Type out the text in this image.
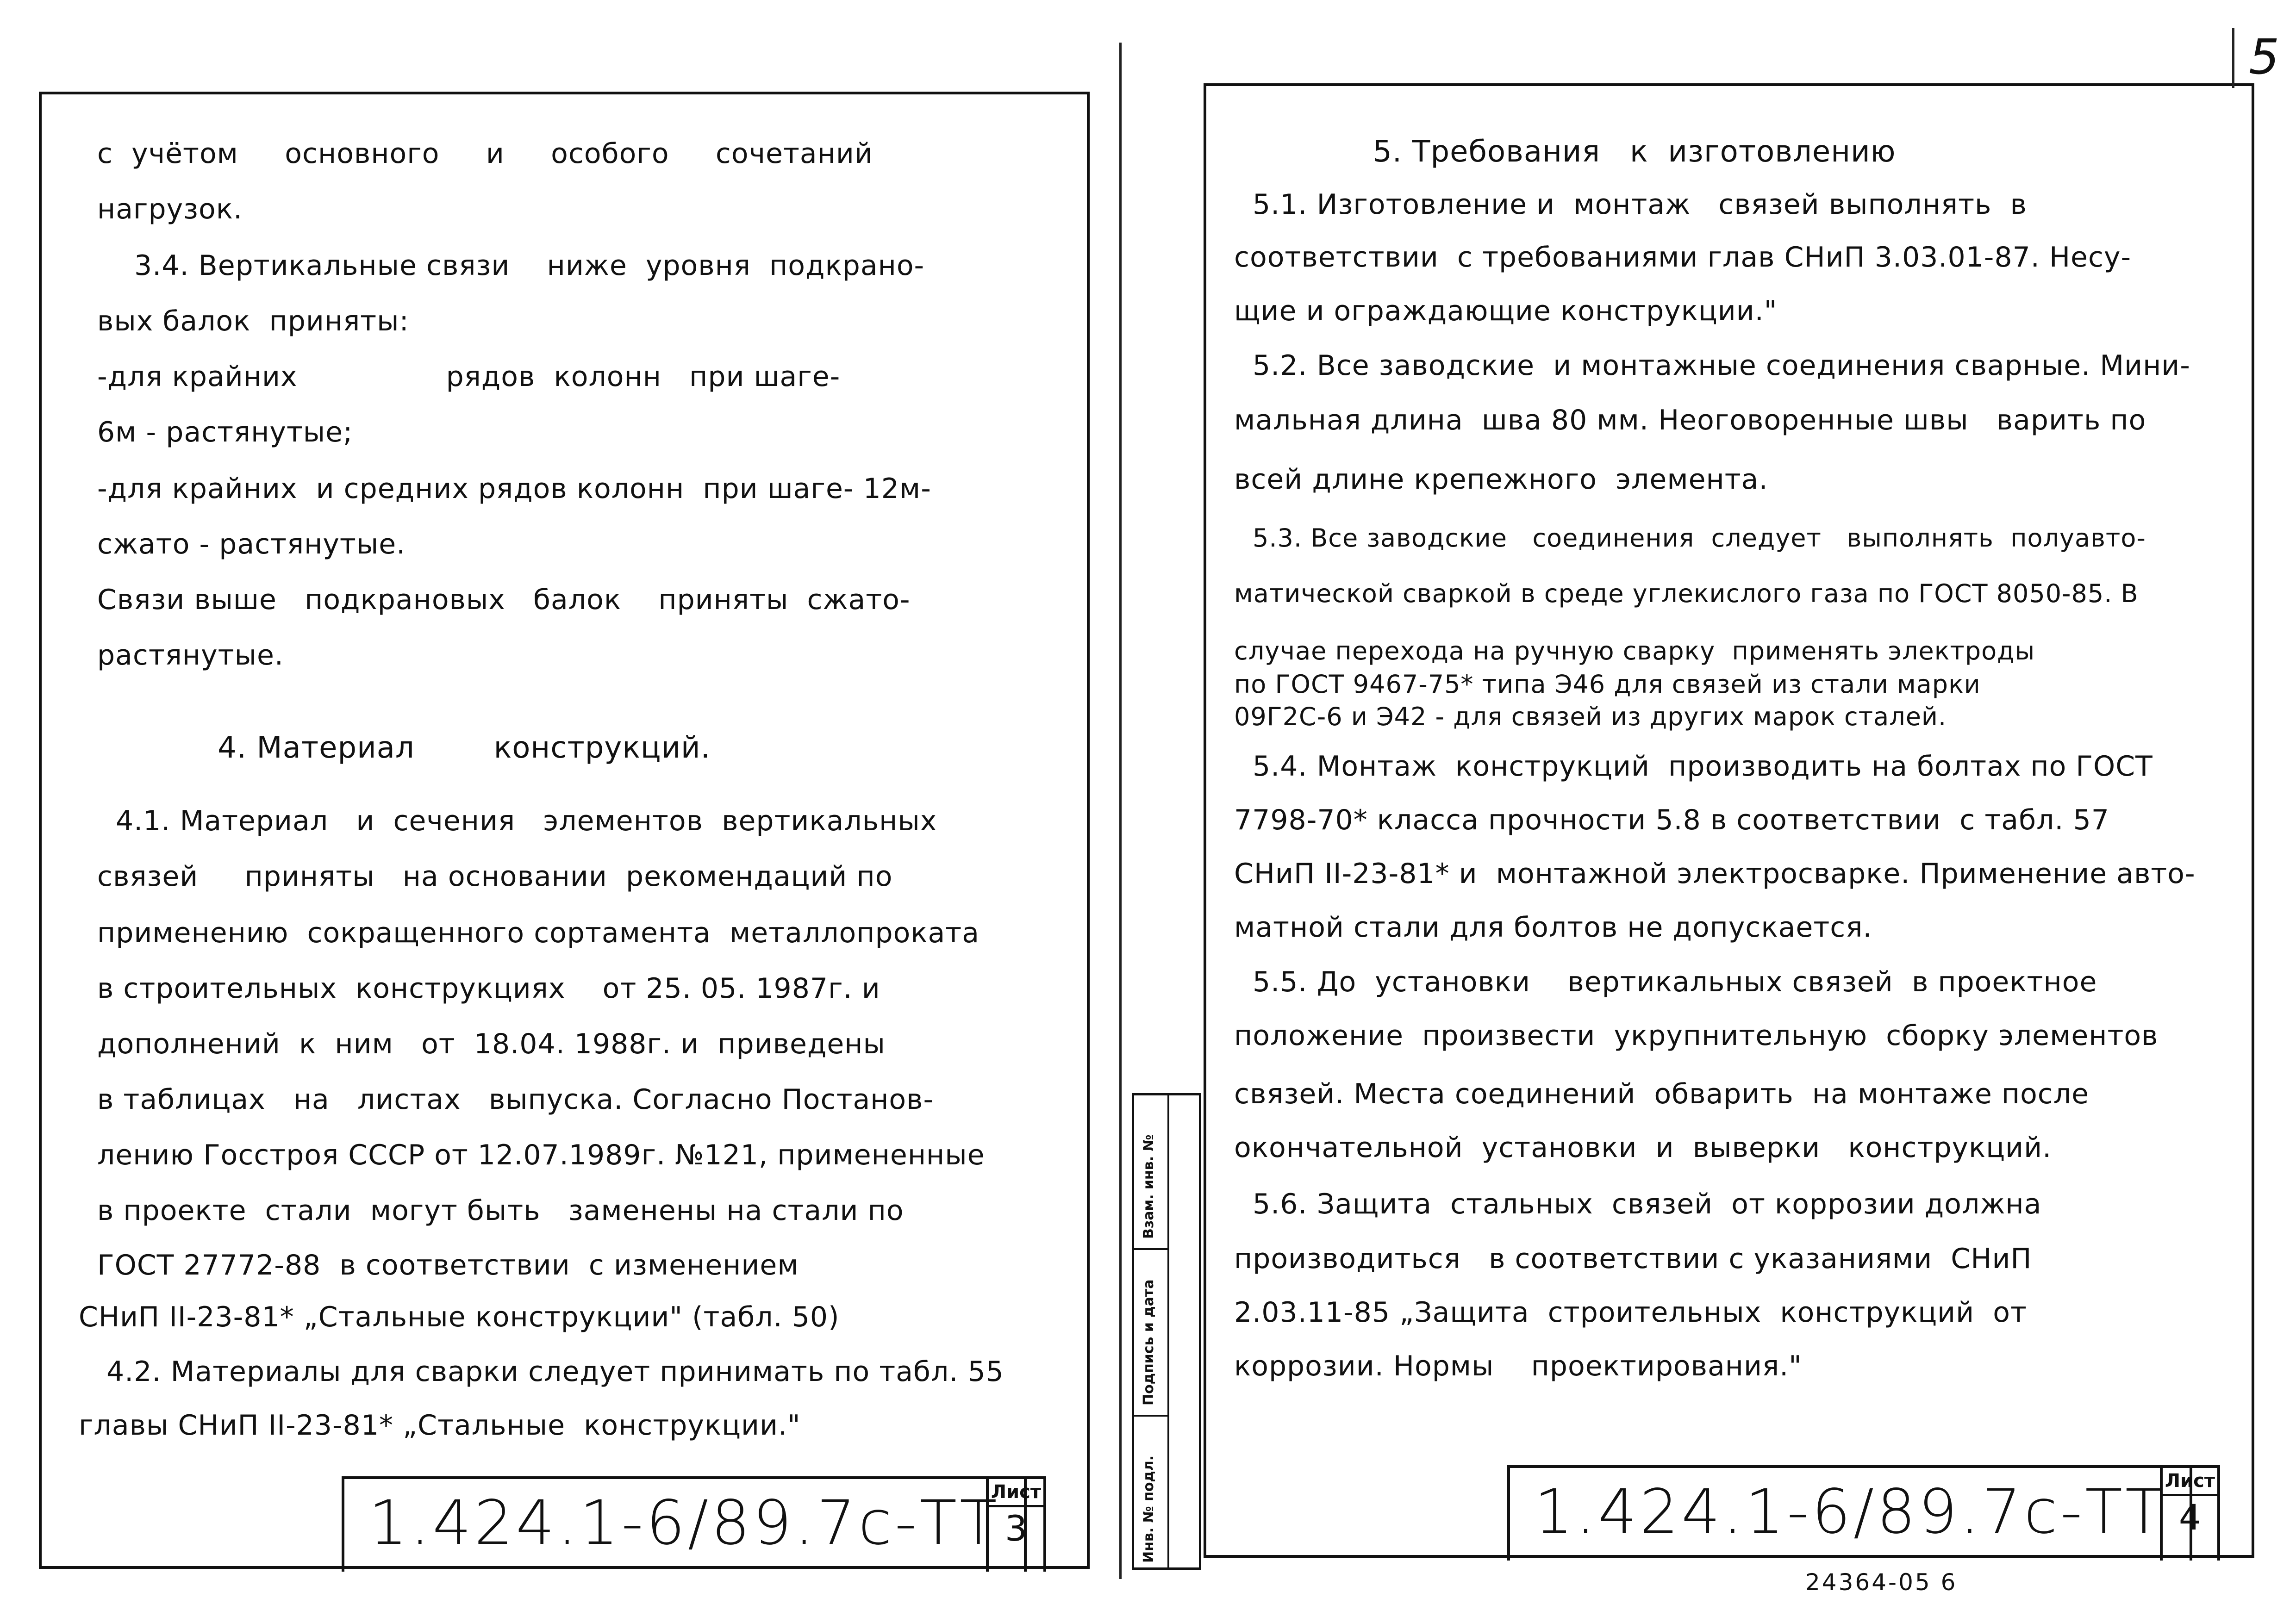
с  учётом     основного     и     особого     сочетаний
нагрузок.
3.4. Вертикальные связи    ниже  уровня  подкрано-
вых балок  приняты:
-для крайних                рядов  колонн   при шаге-
6м - растянутые;
-для крайних  и средних рядов колонн  при шаге- 12м-
сжато - растянутые.
Связи выше   подкрановых   балок    приняты  сжато-
растянутые.
4. Материал        конструкций.
4.1. Материал   и  сечения   элементов  вертикальных
связей     приняты   на основании  рекомендаций по
применению  сокращенного сортамента  металлопроката
в строительных  конструкциях    от 25. 05. 1987г. и
дополнений  к  ним   от  18.04. 1988г. и  приведены
в таблицах   на   листах   выпуска. Согласно Постанов-
лению Госстроя СССР от 12.07.1989г. №121, примененные
в проекте  стали  могут быть   заменены на стали по
ГОСТ 27772-88  в соответствии  с изменением
СНиП II-23-81* „Стальные конструкции" (табл. 50)
4.2. Материалы для сварки следует принимать по табл. 55
главы СНиП II-23-81* „Стальные  конструкции."
1.424.1-6/89.7с-ТТ
Лист
3	Инв. № подл.
Подпись и дата
Взам. инв. №
5. Требования   к  изготовлению
5.1. Изготовление и  монтаж   связей выполнять  в
соответствии  с требованиями глав СНиП 3.03.01-87. Несу-
щие и ограждающие конструкции."
5.2. Все заводские  и монтажные соединения сварные. Мини-
мальная длина  шва 80 мм. Неоговоренные швы   варить по
всей длине крепежного  элемента.
5.3. Все заводские   соединения  следует   выполнять  полуавто-
матической сваркой в среде углекислого газа по ГОСТ 8050-85. В
случае перехода на ручную сварку  применять электроды
по ГОСТ 9467-75* типа Э46 для связей из стали марки
09Г2С-6 и Э42 - для связей из других марок сталей.
5.4. Монтаж  конструкций  производить на болтах по ГОСТ
7798-70* класса прочности 5.8 в соответствии  с табл. 57
СНиП II-23-81* и  монтажной электросварке. Применение авто-
матной стали для болтов не допускается.
5.5. До  установки    вертикальных связей  в проектное
положение  произвести  укрупнительную  сборку элементов
связей. Места соединений  обварить  на монтаже после
окончательной  установки  и  выверки   конструкций.
5.6. Защита  стальных  связей  от коррозии должна
производиться   в соответствии с указаниями  СНиП
2.03.11-85 „Защита  строительных  конструкций  от
коррозии. Нормы    проектирования."
1.424.1-6/89.7с-ТТ Лист
4
5
24364-05 6
